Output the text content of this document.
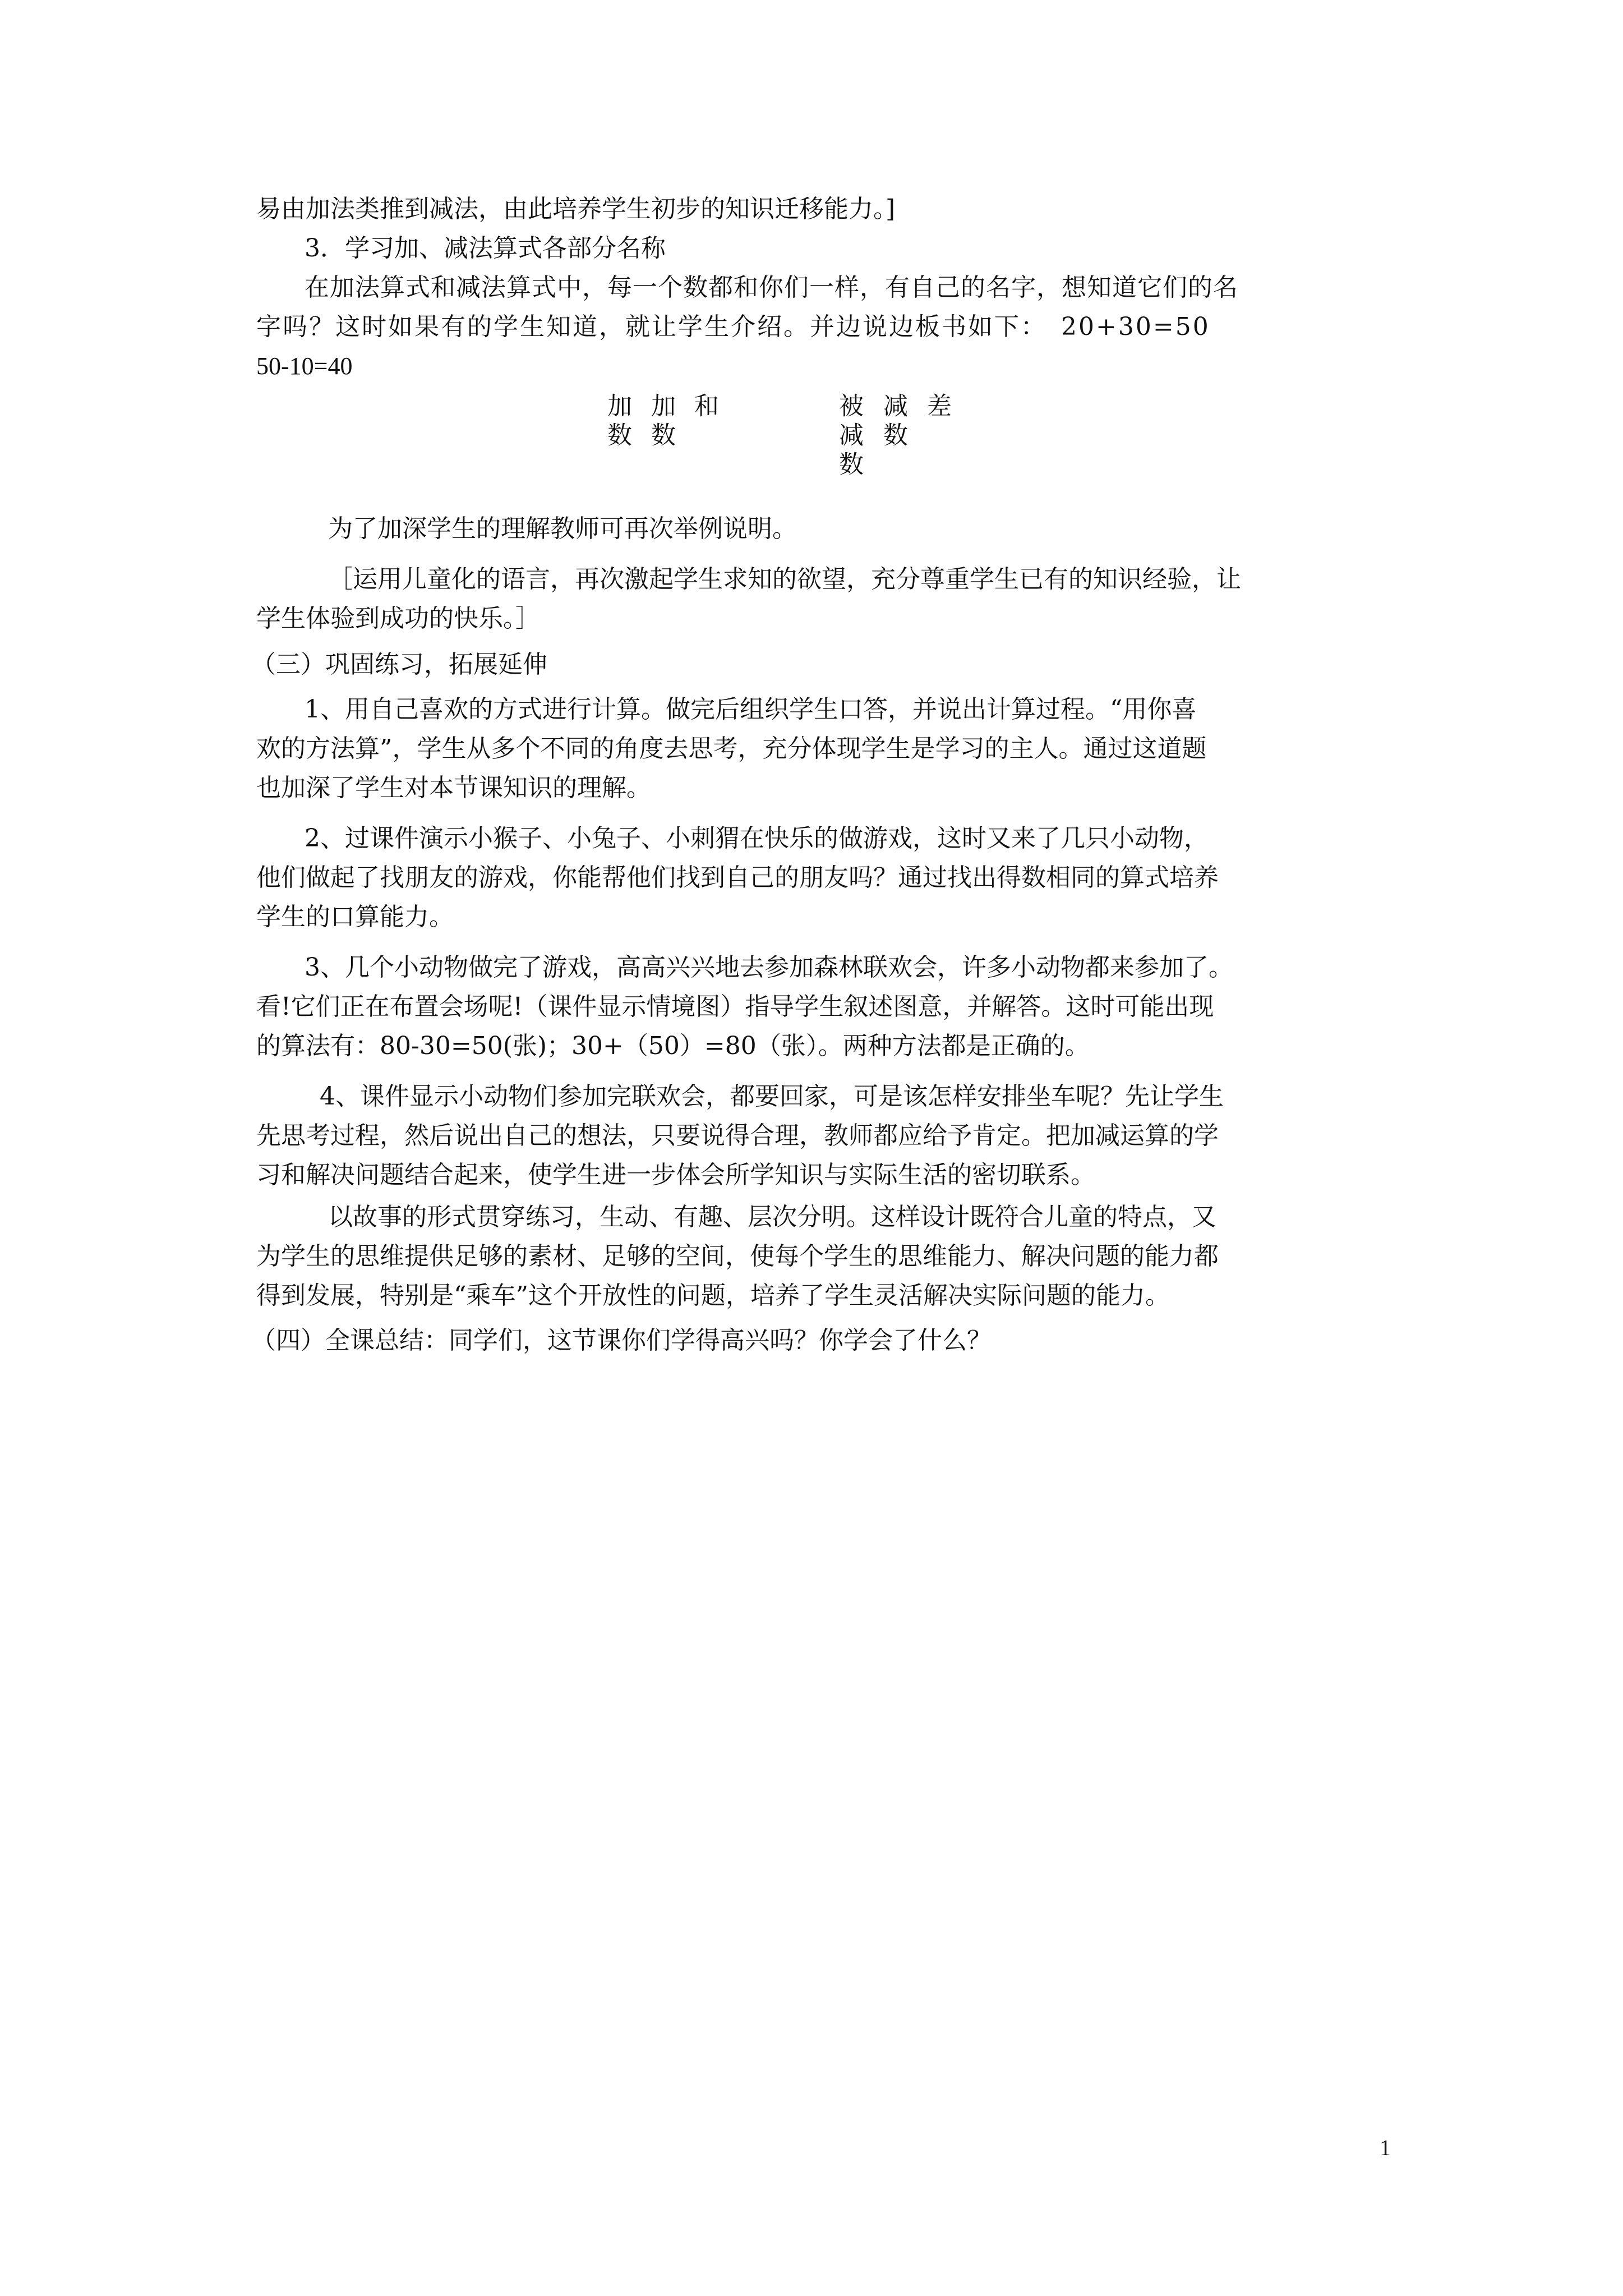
易由加法类推到减法，由此培养学生初步的知识迁移能力。]

3．学习加、减法算式各部分名称

在加法算式和减法算式中，每一个数都和你们一样，有自己的名字，想知道它们的名

字吗？这时如果有的学生知道，就让学生介绍。并边说边板书如下：　20+30=50

50-10=40

加数 加数 和	被减数 减数 差

为了加深学生的理解教师可再次举例说明。

［运用儿童化的语言，再次激起学生求知的欲望，充分尊重学生已有的知识经验，让

学生体验到成功的快乐。］

（三）巩固练习，拓展延伸

1、用自己喜欢的方式进行计算。做完后组织学生口答，并说出计算过程。“用你喜

欢的方法算”，学生从多个不同的角度去思考，充分体现学生是学习的主人。通过这道题

也加深了学生对本节课知识的理解。

2、过课件演示小猴子、小兔子、小刺猬在快乐的做游戏，这时又来了几只小动物，

他们做起了找朋友的游戏，你能帮他们找到自己的朋友吗？通过找出得数相同的算式培养

学生的口算能力。

3、几个小动物做完了游戏，高高兴兴地去参加森林联欢会，许多小动物都来参加了。

看!它们正在布置会场呢!（课件显示情境图）指导学生叙述图意，并解答。这时可能出现

的算法有：80-30=50(张)；30+（50）=80（张）。两种方法都是正确的。

4、课件显示小动物们参加完联欢会，都要回家，可是该怎样安排坐车呢？先让学生

先思考过程，然后说出自己的想法，只要说得合理，教师都应给予肯定。把加减运算的学

习和解决问题结合起来，使学生进一步体会所学知识与实际生活的密切联系。

以故事的形式贯穿练习，生动、有趣、层次分明。这样设计既符合儿童的特点，又

为学生的思维提供足够的素材、足够的空间，使每个学生的思维能力、解决问题的能力都

得到发展，特别是“乘车”这个开放性的问题，培养了学生灵活解决实际问题的能力。

（四）全课总结：同学们，这节课你们学得高兴吗？你学会了什么？

1
